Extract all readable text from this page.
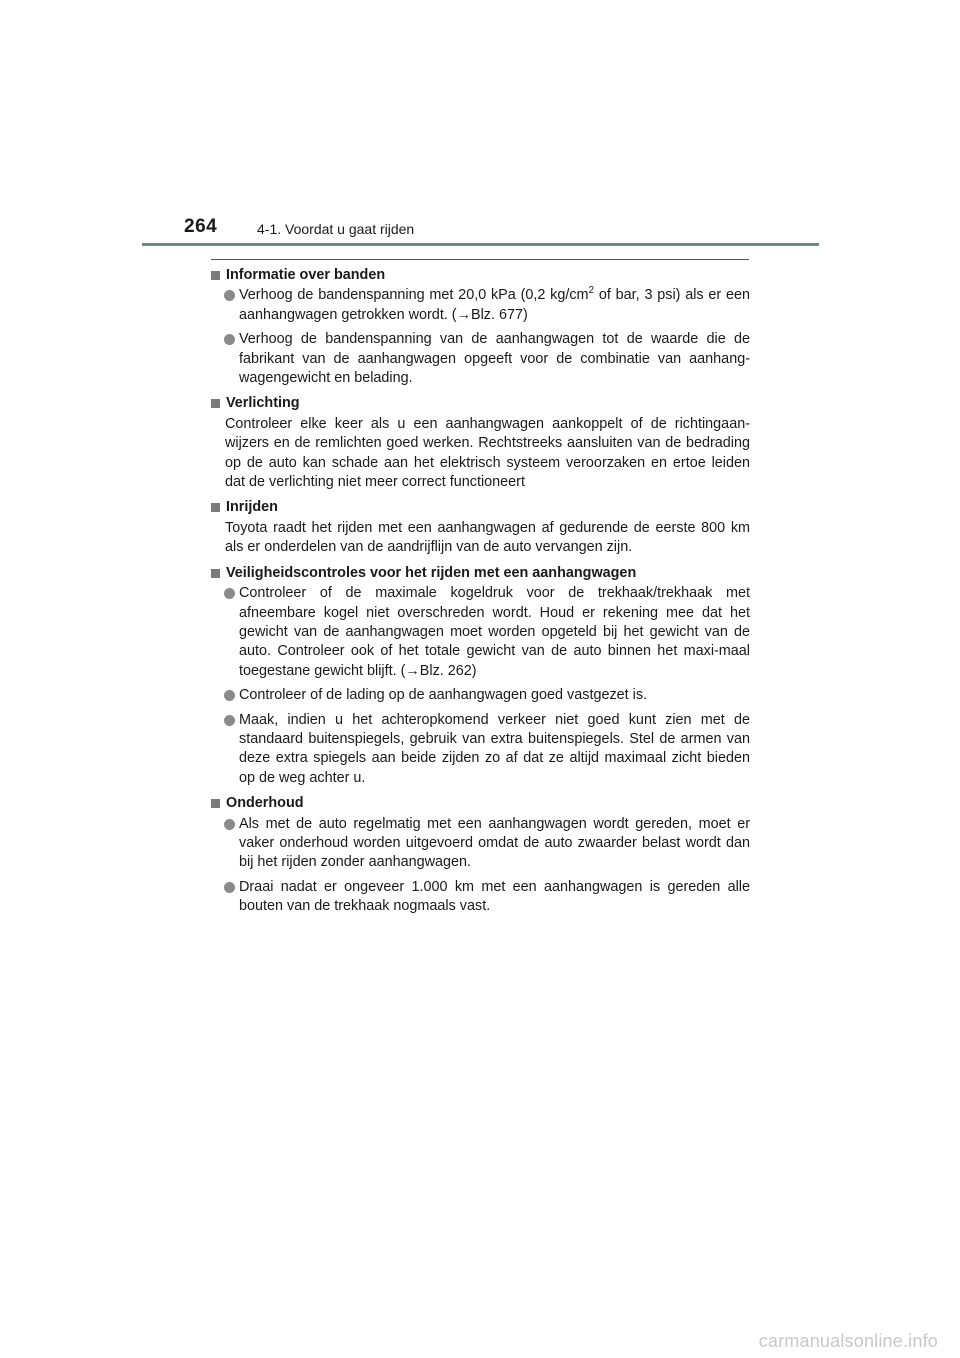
264	4-1. Voordat u gaat rijden
Informatie over banden
Verhoog de bandenspanning met 20,0 kPa (0,2 $kg/cm^2$ of bar, 3 psi) als er een aanhangwagen getrokken wordt. (→Blz. 677)
Verhoog de bandenspanning van de aanhangwagen tot de waarde die de fabrikant van de aanhangwagen opgeeft voor de combinatie van aanhang-wagengewicht en belading.
Verlichting
Controleer elke keer als u een aanhangwagen aankoppelt of de richtingaan-wijzers en de remlichten goed werken. Rechtstreeks aansluiten van de bedrading op de auto kan schade aan het elektrisch systeem veroorzaken en ertoe leiden dat de verlichting niet meer correct functioneert
Inrijden
Toyota raadt het rijden met een aanhangwagen af gedurende de eerste 800 km als er onderdelen van de aandrijflijn van de auto vervangen zijn.
Veiligheidscontroles voor het rijden met een aanhangwagen
Controleer of de maximale kogeldruk voor de trekhaak/trekhaak met afneembare kogel niet overschreden wordt. Houd er rekening mee dat het gewicht van de aanhangwagen moet worden opgeteld bij het gewicht van de auto. Controleer ook of het totale gewicht van de auto binnen het maxi-maal toegestane gewicht blijft. (→Blz. 262)
Controleer of de lading op de aanhangwagen goed vastgezet is.
Maak, indien u het achteropkomend verkeer niet goed kunt zien met de standaard buitenspiegels, gebruik van extra buitenspiegels. Stel de armen van deze extra spiegels aan beide zijden zo af dat ze altijd maximaal zicht bieden op de weg achter u.
Onderhoud
Als met de auto regelmatig met een aanhangwagen wordt gereden, moet er vaker onderhoud worden uitgevoerd omdat de auto zwaarder belast wordt dan bij het rijden zonder aanhangwagen.
Draai nadat er ongeveer 1.000 km met een aanhangwagen is gereden alle bouten van de trekhaak nogmaals vast.
carmanualsonline.info
